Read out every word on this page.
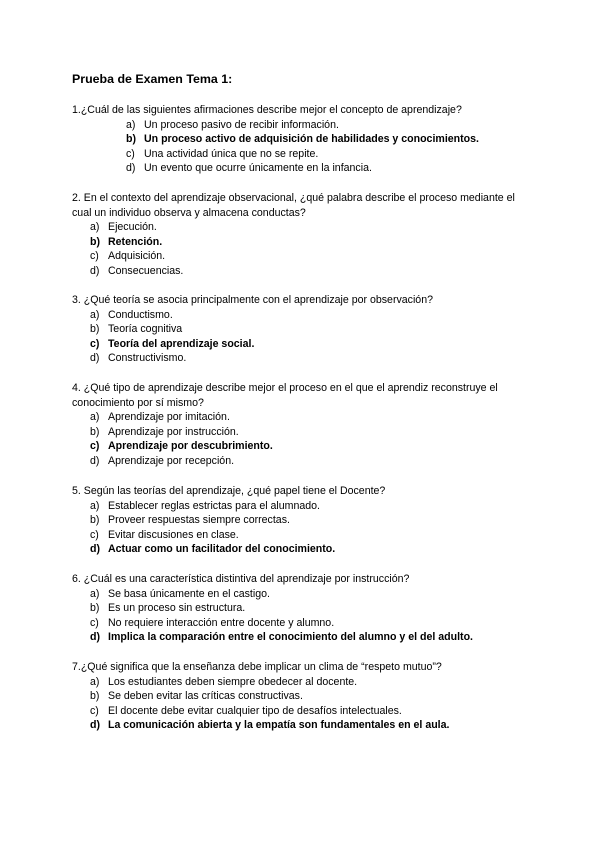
Prueba de Examen Tema 1:

1.¿Cuál de las siguientes afirmaciones describe mejor el concepto de aprendizaje?

a) Un proceso pasivo de recibir información.
b) Un proceso activo de adquisición de habilidades y conocimientos.
c) Una actividad única que no se repite.
d) Un evento que ocurre únicamente en la infancia.

2. En el contexto del aprendizaje observacional, ¿qué palabra describe el proceso mediante el cual un individuo observa y almacena conductas?

a) Ejecución.
b) Retención.
c) Adquisición.
d) Consecuencias.

3. ¿Qué teoría se asocia principalmente con el aprendizaje por observación?

a) Conductismo.
b) Teoría cognitiva
c) Teoría del aprendizaje social.
d) Constructivismo.

4. ¿Qué tipo de aprendizaje describe mejor el proceso en el que el aprendiz reconstruye el conocimiento por sí mismo?

a) Aprendizaje por imitación.
b) Aprendizaje por instrucción.
c) Aprendizaje por descubrimiento.
d) Aprendizaje por recepción.

5. Según las teorías del aprendizaje, ¿qué papel tiene el Docente?

a) Establecer reglas estrictas para el alumnado.
b) Proveer respuestas siempre correctas.
c) Evitar discusiones en clase.
d) Actuar como un facilitador del conocimiento.

6. ¿Cuál es una característica distintiva del aprendizaje por instrucción?

a) Se basa únicamente en el castigo.
b) Es un proceso sin estructura.
c) No requiere interacción entre docente y alumno.
d) Implica la comparación entre el conocimiento del alumno y el del adulto.

7.¿Qué significa que la enseñanza debe implicar un clima de “respeto mutuo”?

a) Los estudiantes deben siempre obedecer al docente.
b) Se deben evitar las críticas constructivas.
c) El docente debe evitar cualquier tipo de desafíos intelectuales.
d) La comunicación abierta y la empatía son fundamentales en el aula.
